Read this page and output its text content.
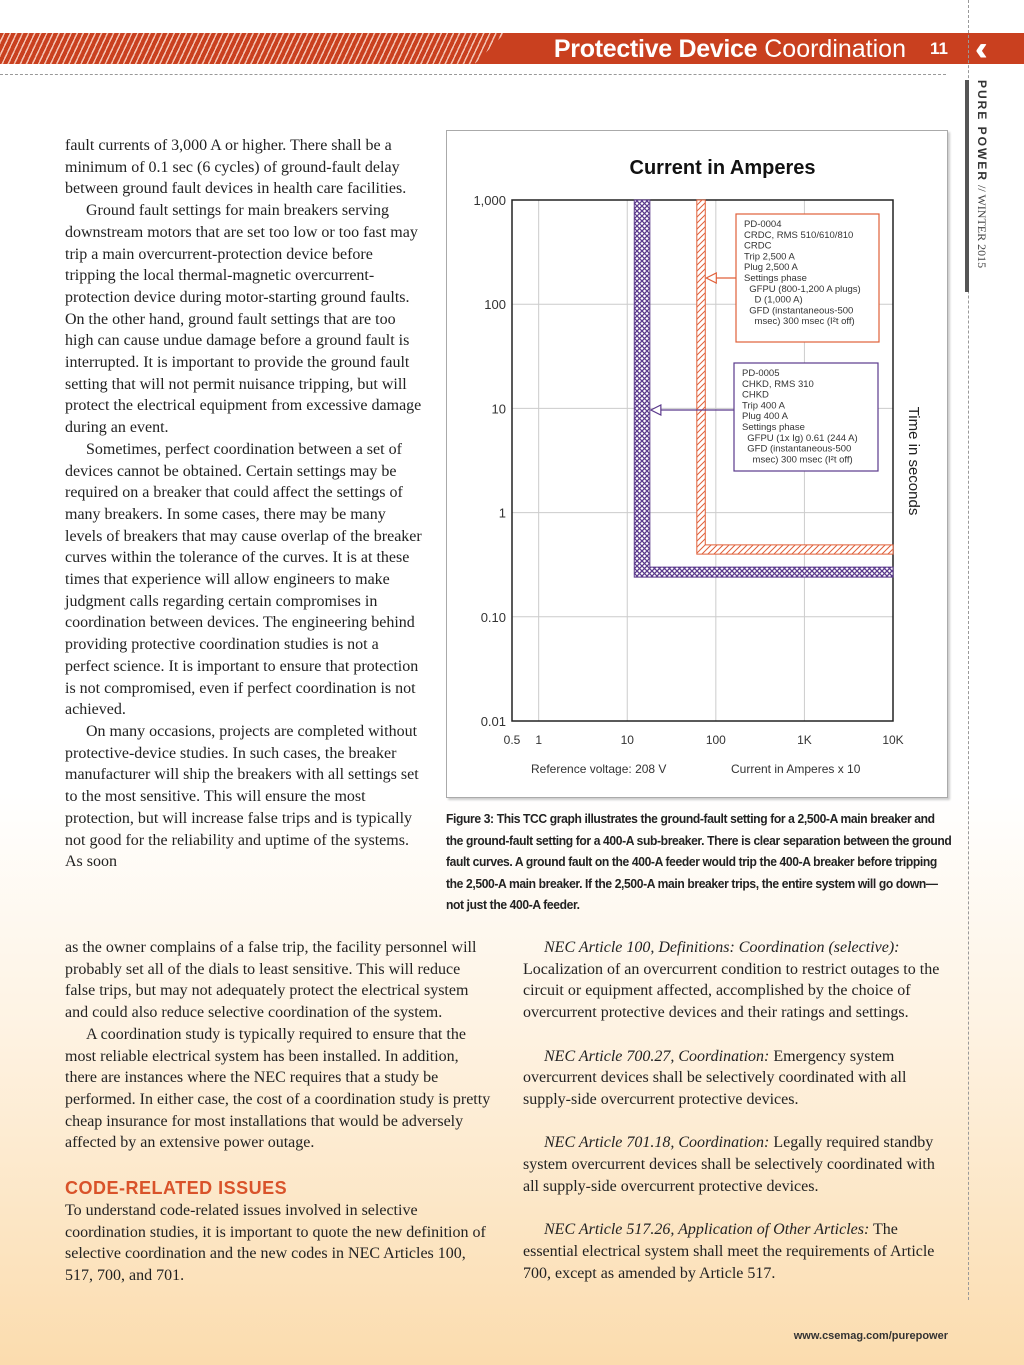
Protective Device Coordination 11 ‹‹
PURE POWER // WINTER 2015

fault currents of 3,000 A or higher. There shall be a minimum of 0.1 sec (6 cycles) of ground-fault delay between ground fault devices in health care facilities.

Ground fault settings for main breakers serving downstream motors that are set too low or too fast may trip a main overcurrent-protection device before tripping the local thermal-magnetic overcurrent-protection device during motor-starting ground faults. On the other hand, ground fault settings that are too high can cause undue damage before a ground fault is interrupted. It is important to provide the ground fault setting that will not permit nuisance tripping, but will protect the electrical equipment from excessive damage during an event.

Sometimes, perfect coordination between a set of devices cannot be obtained. Certain settings may be required on a breaker that could affect the settings of many breakers. In some cases, there may be many levels of breakers that may cause overlap of the breaker curves within the tolerance of the curves. It is at these times that experience will allow engineers to make judgment calls regarding certain compromises in coordination between devices. The engineering behind providing protective coordination studies is not a perfect science. It is important to ensure that protection is not compromised, even if perfect coordination is not achieved.

On many occasions, projects are completed without protective-device studies. In such cases, the breaker manufacturer will ship the breakers with all settings set to the most sensitive. This will ensure the most protection, but will increase false trips and is typically not good for the reliability and uptime of the systems. As soon

as the owner complains of a false trip, the facility personnel will probably set all of the dials to least sensitive. This will reduce false trips, but may not adequately protect the electrical system and could also reduce selective coordination of the system.

A coordination study is typically required to ensure that the most reliable electrical system has been installed. In addition, there are instances where the NEC requires that a study be performed. In either case, the cost of a coordination study is pretty cheap insurance for most installations that would be adversely affected by an extensive power outage.

CODE-RELATED ISSUES

To understand code-related issues involved in selective coordination studies, it is important to quote the new definition of selective coordination and the new codes in NEC Articles 100, 517, 700, and 701.

NEC Article 100, Definitions: Coordination (selective): Localization of an overcurrent condition to restrict outages to the circuit or equipment affected, accomplished by the choice of overcurrent protective devices and their ratings and settings.

NEC Article 700.27, Coordination: Emergency system overcurrent devices shall be selectively coordinated with all supply-side overcurrent protective devices.

NEC Article 701.18, Coordination: Legally required standby system overcurrent devices shall be selectively coordinated with all supply-side overcurrent protective devices.

NEC Article 517.26, Application of Other Articles: The essential electrical system shall meet the requirements of Article 700, except as amended by Article 517.

Current in Amperes
0.5 1	10	100	1K	10K
1,000
100
10
1
0.10
0.01
Reference voltage: 208 V	Current in Amperes x 10
Time in seconds
PD-0004
CRDC, RMS 510/610/810
CRDC
Trip 2,500 A
Plug 2,500 A
Settings phase
GFPU (800-1,200 A plugs)
D (1,000 A)
GFD (instantaneous-500
msec) 300 msec (I²t off)
PD-0005
CHKD, RMS 310
CHKD
Trip 400 A
Plug 400 A
Settings phase
GFPU (1x Ig) 0.61 (244 A)
GFD (instantaneous-500
msec) 300 msec (I²t off)
Figure 3: This TCC graph illustrates the ground-fault setting for a 2,500-A main breaker and the ground-fault setting for a 400-A sub-breaker. There is clear separation between the ground fault curves. A ground fault on the 400-A feeder would trip the 400-A breaker before tripping the 2,500-A main breaker. If the 2,500-A main breaker trips, the entire system will go down—not just the 400-A feeder.
www.csemag.com/purepower
